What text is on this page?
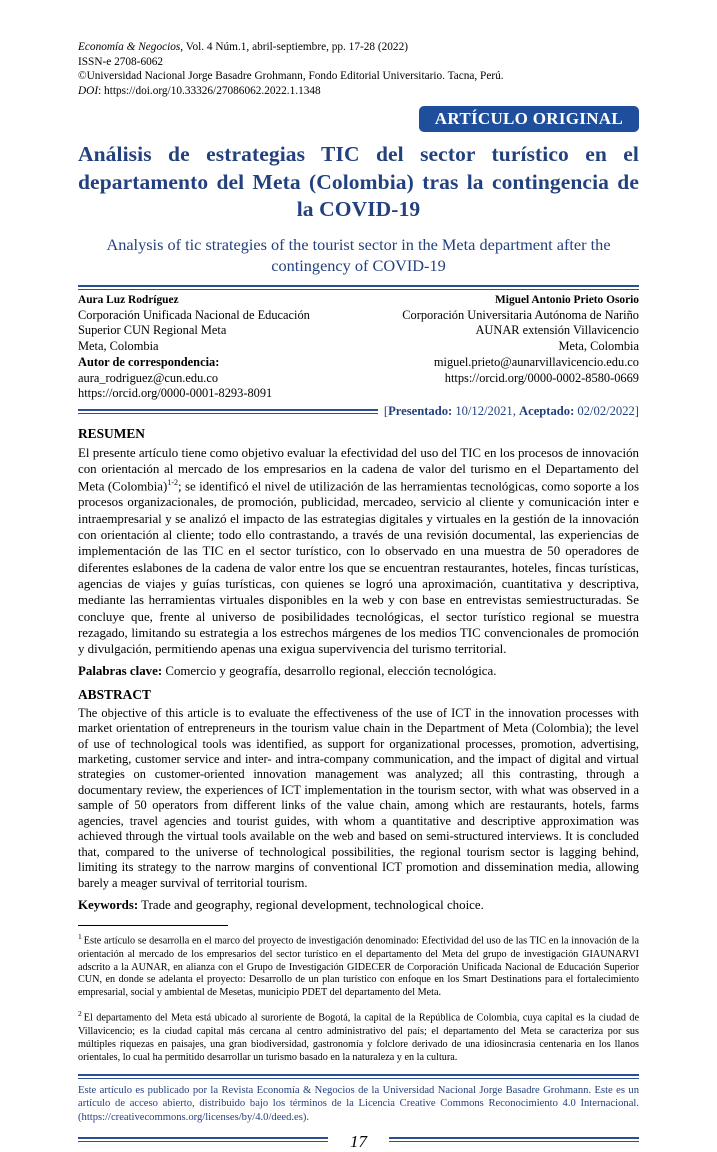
Economía & Negocios, Vol. 4 Núm.1, abril-septiembre, pp. 17-28 (2022)
ISSN-e 2708-6062
©Universidad Nacional Jorge Basadre Grohmann, Fondo Editorial Universitario. Tacna, Perú.
DOI: https://doi.org/10.33326/27086062.2022.1.1348
ARTÍCULO ORIGINAL
Análisis de estrategias TIC del sector turístico en el departamento del Meta (Colombia) tras la contingencia de la COVID-19
Analysis of tic strategies of the tourist sector in the Meta department after the contingency of COVID-19
Aura Luz Rodríguez
Corporación Unificada Nacional de Educación
Superior CUN Regional Meta
Meta, Colombia
Autor de correspondencia:
aura_rodriguez@cun.edu.co
https://orcid.org/0000-0001-8293-8091
Miguel Antonio Prieto Osorio
Corporación Universitaria Autónoma de Nariño
AUNAR extensión Villavicencio
Meta, Colombia
miguel.prieto@aunarvillavicencio.edu.co
https://orcid.org/0000-0002-8580-0669
[Presentado: 10/12/2021, Aceptado: 02/02/2022]
RESUMEN

El presente artículo tiene como objetivo evaluar la efectividad del uso del TIC en los procesos de innovación con orientación al mercado de los empresarios en la cadena de valor del turismo en el Departamento del Meta (Colombia)$^{1-2}$; se identificó el nivel de utilización de las herramientas tecnológicas, como soporte a los procesos organizacionales, de promoción, publicidad, mercadeo, servicio al cliente y comunicación inter e intraempresarial y se analizó el impacto de las estrategias digitales y virtuales en la gestión de la innovación con orientación al cliente; todo ello contrastando, a través de una revisión documental, las experiencias de implementación de las TIC en el sector turístico, con lo observado en una muestra de 50 operadores de diferentes eslabones de la cadena de valor entre los que se encuentran restaurantes, hoteles, fincas turísticas, agencias de viajes y guías turísticas, con quienes se logró una aproximación, cuantitativa y descriptiva, mediante las herramientas virtuales disponibles en la web y con base en entrevistas semiestructuradas. Se concluye que, frente al universo de posibilidades tecnológicas, el sector turístico regional se muestra rezagado, limitando su estrategia a los estrechos márgenes de los medios TIC convencionales de promoción y divulgación, permitiendo apenas una exigua supervivencia del turismo territorial.

Palabras clave: Comercio y geografía, desarrollo regional, elección tecnológica.
ABSTRACT

The objective of this article is to evaluate the effectiveness of the use of ICT in the innovation processes with market orientation of entrepreneurs in the tourism value chain in the Department of Meta (Colombia); the level of use of technological tools was identified, as support for organizational processes, promotion, advertising, marketing, customer service and inter- and intra-company communication, and the impact of digital and virtual strategies on customer-oriented innovation management was analyzed; all this contrasting, through a documentary review, the experiences of ICT implementation in the tourism sector, with what was observed in a sample of 50 operators from different links of the value chain, among which are restaurants, hotels, farms agencies, travel agencies and tourist guides, with whom a quantitative and descriptive approximation was achieved through the virtual tools available on the web and based on semi-structured interviews. It is concluded that, compared to the universe of technological possibilities, the regional tourism sector is lagging behind, limiting its strategy to the narrow margins of conventional ICT promotion and dissemination media, allowing barely a meager survival of territorial tourism.

Keywords: Trade and geography, regional development, technological choice.
$^1$ Este artículo se desarrolla en el marco del proyecto de investigación denominado: Efectividad del uso de las TIC en la innovación de la orientación al mercado de los empresarios del sector turístico en el departamento del Meta del grupo de investigación GIAUNARVI adscrito a la AUNAR, en alianza con el Grupo de Investigación GIDECER de Corporación Unificada Nacional de Educación Superior CUN, en donde se adelanta el proyecto: Desarrollo de un plan turístico con enfoque en los Smart Destinations para el fortalecimiento empresarial, social y ambiental de Mesetas, municipio PDET del departamento del Meta.
$^2$ El departamento del Meta está ubicado al suroriente de Bogotá, la capital de la República de Colombia, cuya capital es la ciudad de Villavicencio; es la ciudad capital más cercana al centro administrativo del país; el departamento del Meta se caracteriza por sus múltiples riquezas en paisajes, una gran biodiversidad, gastronomía y folclore derivado de una idiosincrasia centenaria en los llanos orientales, lo cual ha permitido desarrollar un turismo basado en la naturaleza y en la cultura.
Este artículo es publicado por la Revista Economía & Negocios de la Universidad Nacional Jorge Basadre Grohmann. Este es un artículo de acceso abierto, distribuido bajo los términos de la Licencia Creative Commons Reconocimiento 4.0 Internacional. (https://creativecommons.org/licenses/by/4.0/deed.es).
17
